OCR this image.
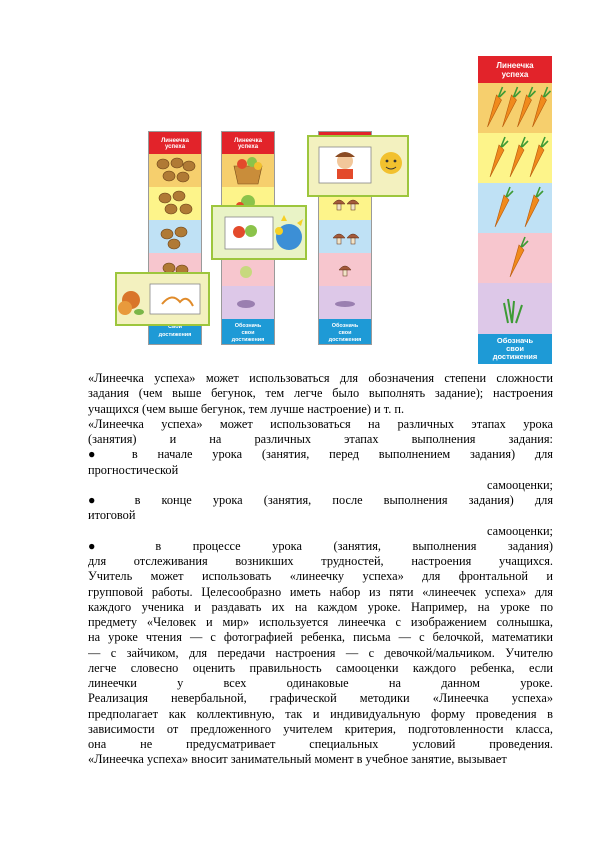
Линеечка
успеха
достижения
Линеечка
успеха
Обозначь
свои
достижения
Обозначь
свои
достижения
Линеечка
успеха
Обозначь
свои
достижения
«Линеечка успеха» может использоваться для обозначения степени сложности
задания (чем выше бегунок, тем легче было выполнять задание); настроения
учащихся (чем выше бегунок, тем лучше настроение) и т. п.
«Линеечка успеха» может использоваться на различных этапах урока
(занятия) и на различных этапах выполнения задания:
● в начале урока (занятия, перед выполнением задания) для
прогностической
самооценки;
● в конце урока (занятия, после выполнения задания) для
итоговой
самооценки;
● в процессе урока (занятия, выполнения задания)
для отслеживания возникших трудностей, настроения учащихся.
Учитель может использовать «линеечку успеха» для фронтальной и
групповой работы. Целесообразно иметь набор из пяти «линеечек успеха» для
каждого ученика и раздавать их на каждом уроке. Например, на уроке по
предмету «Человек и мир» используется линеечка с изображением солнышка,
на уроке чтения — с фотографией ребенка, письма — с белочкой, математики
— с зайчиком, для передачи настроения — с девочкой/мальчиком. Учителю
легче словесно оценить правильность самооценки каждого ребенка, если
линеечки у всех одинаковые на данном уроке.
Реализация невербальной, графической методики «Линеечка успеха»
предполагает как коллективную, так и индивидуальную форму проведения в
зависимости от предложенного учителем критерия, подготовленности класса,
она не предусматривает специальных условий проведения.
«Линеечка успеха» вносит занимательный момент в учебное занятие, вызывает
